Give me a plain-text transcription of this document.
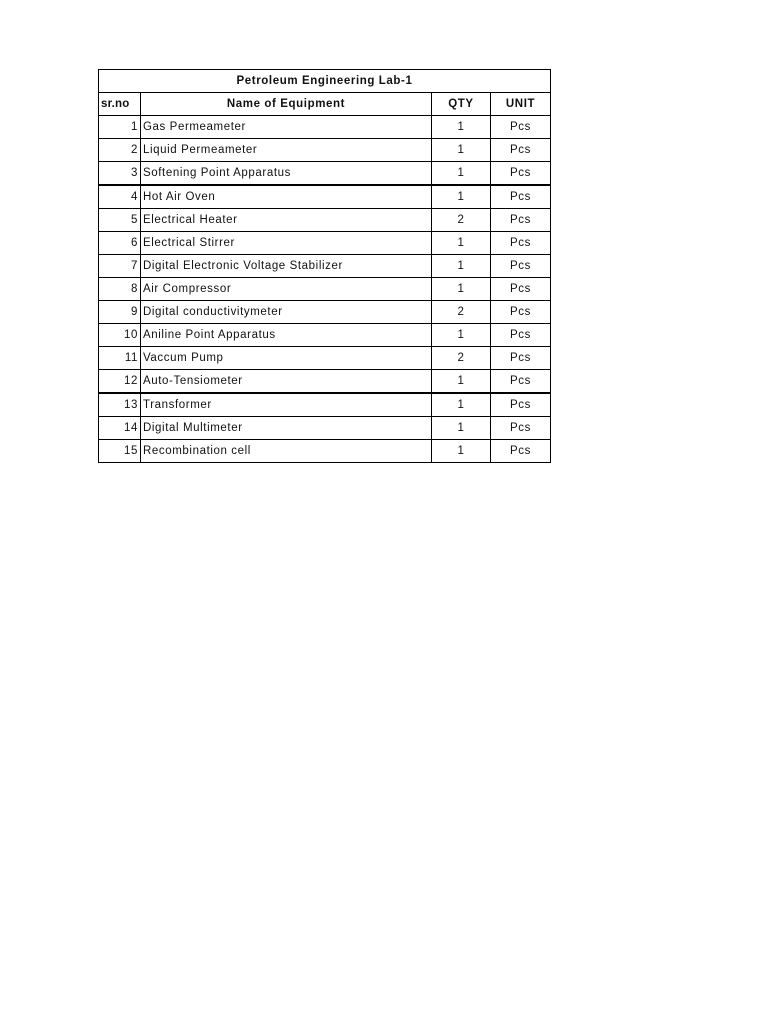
Petroleum Engineering Lab-1			
sr.no	Name of Equipment	QTY	UNIT
1	Gas Permeameter	1	Pcs
2	Liquid Permeameter	1	Pcs
3	Softening Point Apparatus	1	Pcs
4	Hot Air Oven	1	Pcs
5	Electrical Heater	2	Pcs
6	Electrical Stirrer	1	Pcs
7	Digital Electronic Voltage Stabilizer	1	Pcs
8	Air Compressor	1	Pcs
9	Digital conductivitymeter	2	Pcs
10	Aniline Point Apparatus	1	Pcs
11	Vaccum Pump	2	Pcs
12	Auto-Tensiometer	1	Pcs
13	Transformer	1	Pcs
14	Digital Multimeter	1	Pcs
15	Recombination cell	1	Pcs
